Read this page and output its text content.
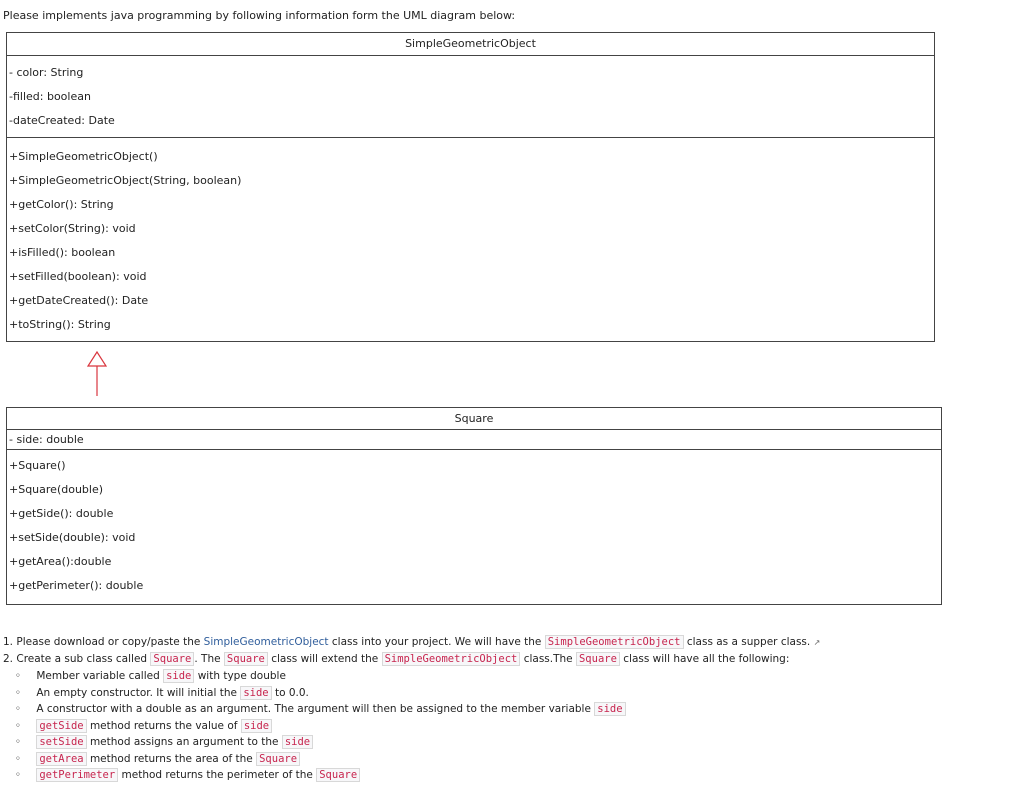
Please implements java programming by following information form the UML diagram below:
SimpleGeometricObject
- color: String
-filled: boolean
-dateCreated: Date
+SimpleGeometricObject()
+SimpleGeometricObject(String, boolean)
+getColor(): String
+setColor(String): void
+isFilled(): boolean
+setFilled(boolean): void
+getDateCreated(): Date
+toString(): String
Square
- side: double
+Square()
+Square(double)
+getSide(): double
+setSide(double): void
+getArea():double
+getPerimeter(): double
1. Please download or copy/paste the SimpleGeometricObject class into your project. We will have the SimpleGeometricObject class as a supper class. ↗
2. Create a sub class called Square . The Square class will extend the SimpleGeometricObject class.The Square class will have all the following:
◦ Member variable called side with type double
◦ An empty constructor. It will initial the side to 0.0.
◦ A constructor with a double as an argument. The argument will then be assigned to the member variable side
◦ getSide method returns the value of side
◦ setSide method assigns an argument to the side
◦ getArea method returns the area of the Square
◦ getPerimeter method returns the perimeter of the Square
